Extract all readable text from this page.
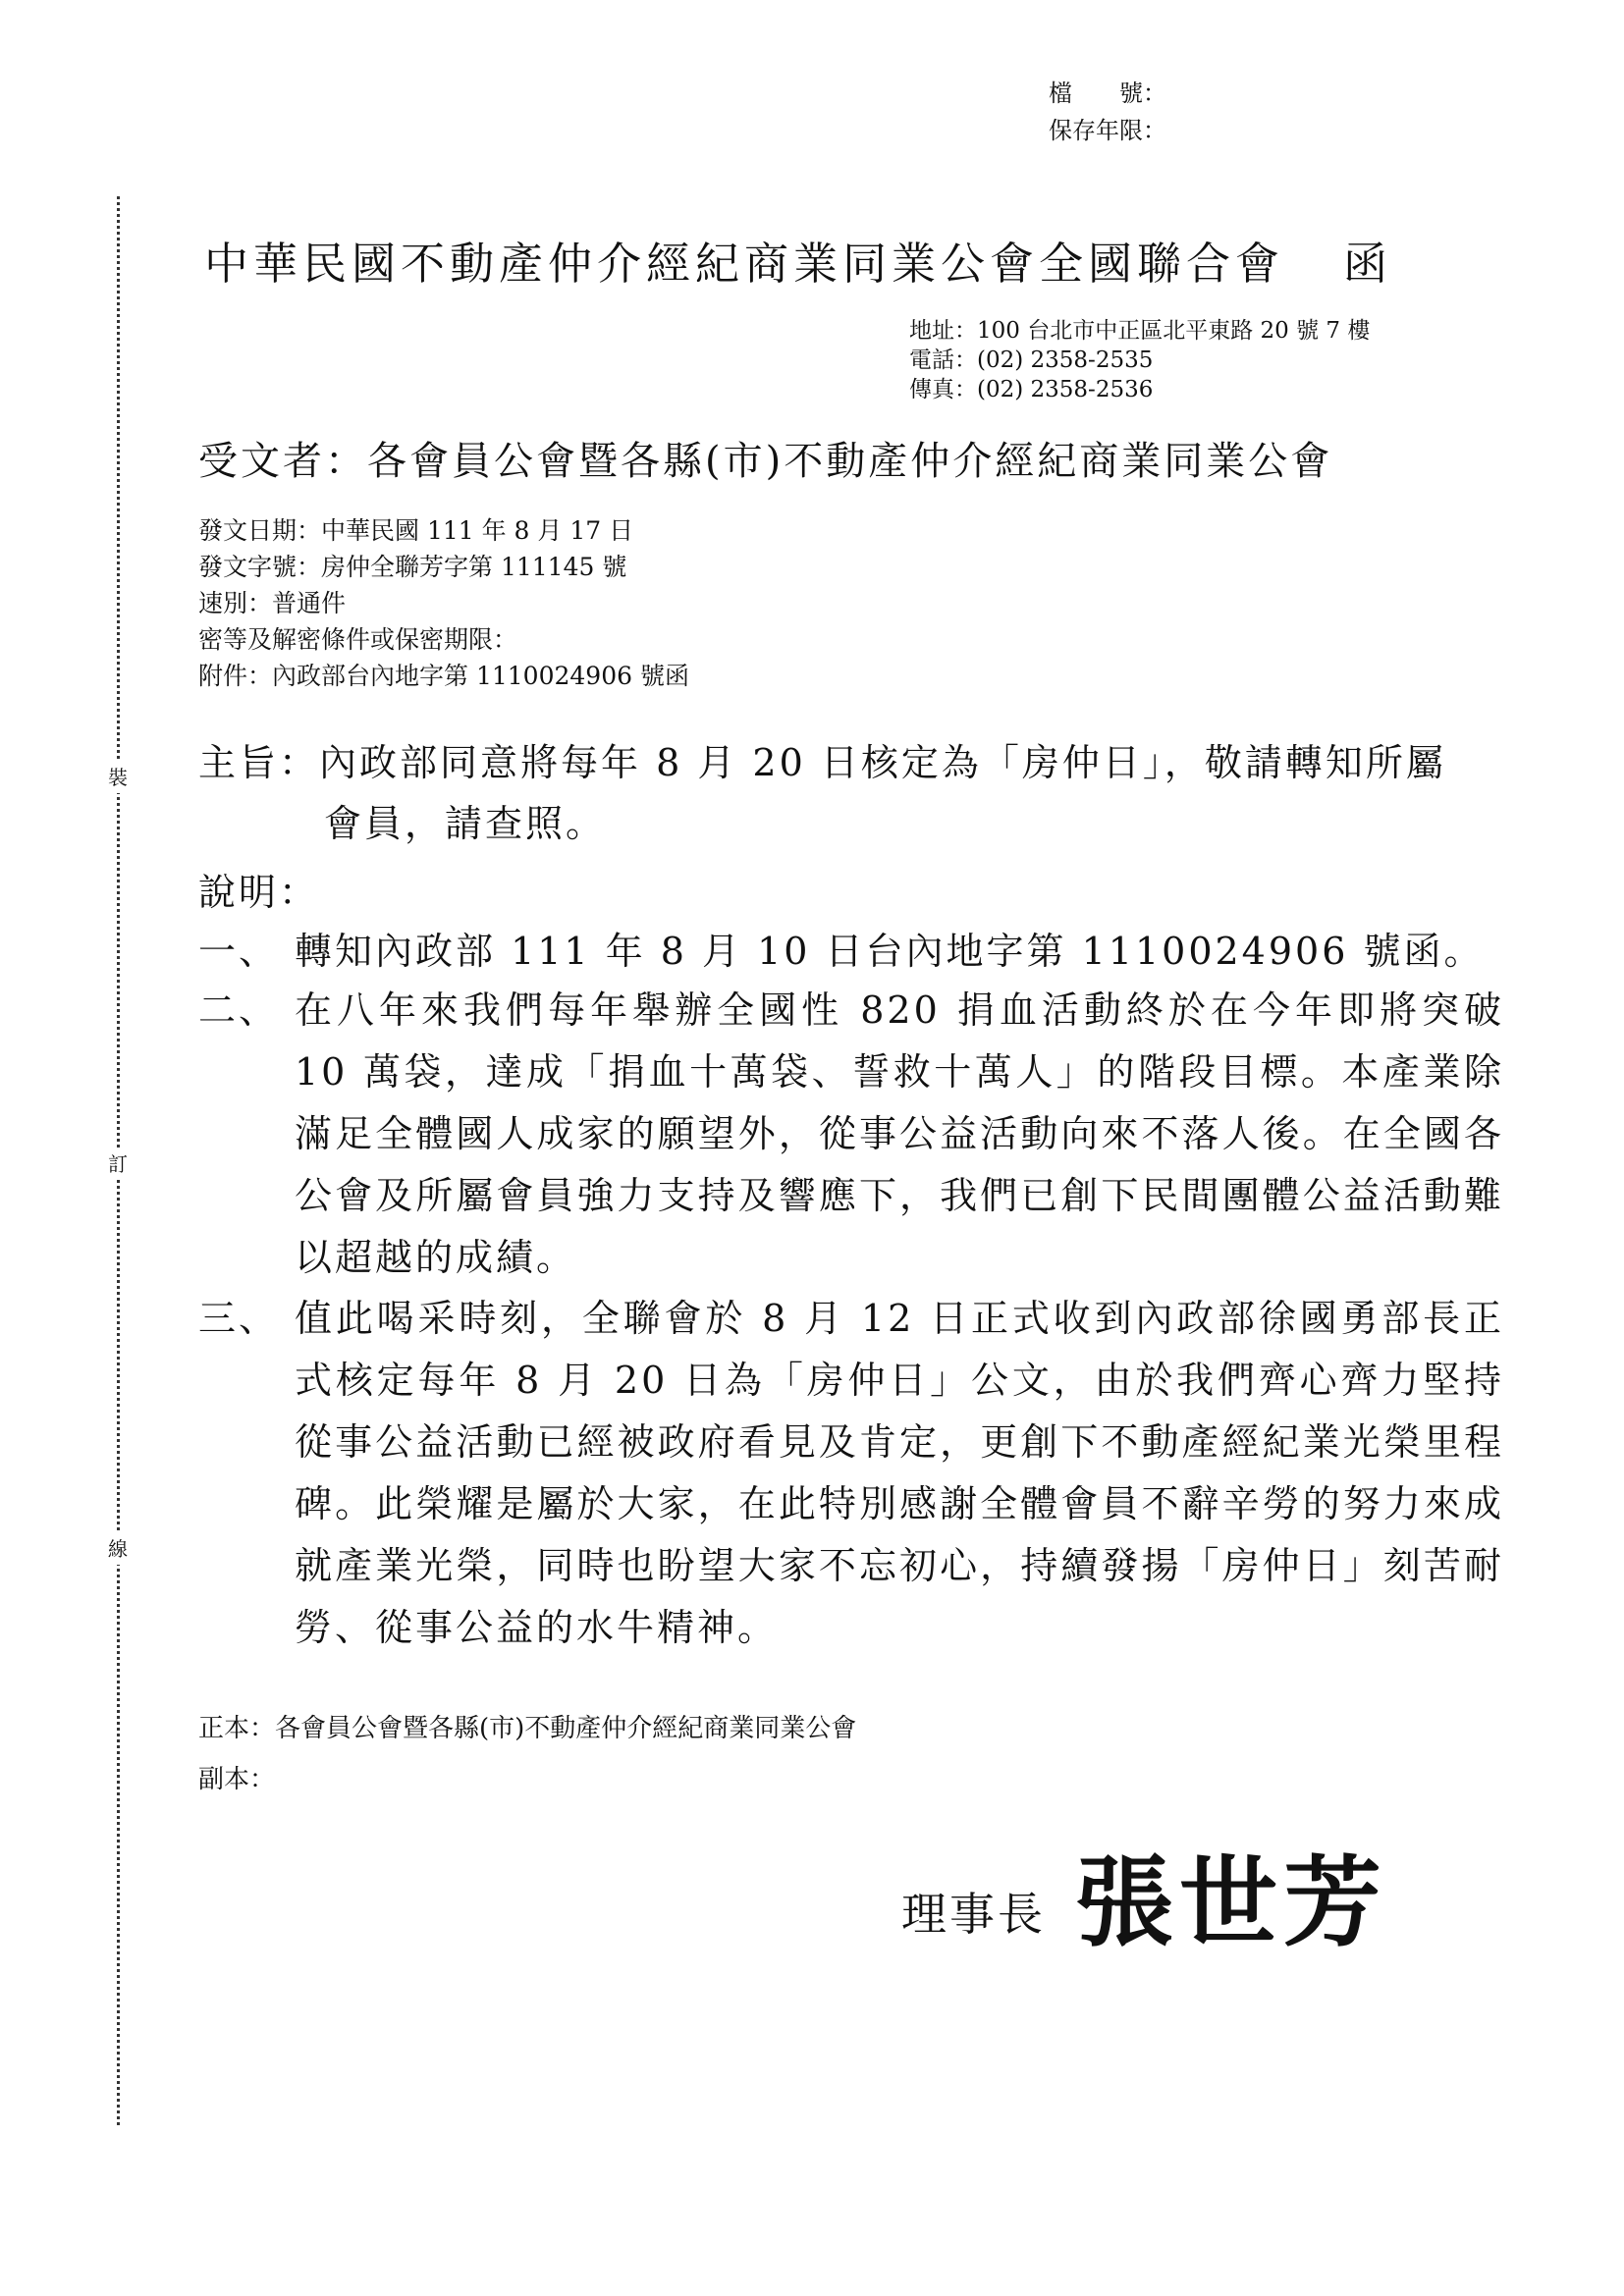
裝
訂
線
檔　　號：
保存年限：
中華民國不動產仲介經紀商業同業公會全國聯合會 函
地址：100 台北市中正區北平東路 20 號 7 樓
電話：(02) 2358-2535
傳真：(02) 2358-2536
受文者：各會員公會暨各縣(市)不動產仲介經紀商業同業公會
發文日期：中華民國 111 年 8 月 17 日
發文字號：房仲全聯芳字第 111145 號
速別：普通件
密等及解密條件或保密期限：
附件：內政部台內地字第 1110024906 號函
主旨：內政部同意將每年 8 月 20 日核定為「房仲日」，敬請轉知所屬
會員，請查照。
說明：
一、 轉知內政部 111 年 8 月 10 日台內地字第 1110024906 號函。
二、 在八年來我們每年舉辦全國性 820 捐血活動終於在今年即將突破 10 萬袋，達成「捐血十萬袋、誓救十萬人」的階段目標。本產業除滿足全體國人成家的願望外，從事公益活動向來不落人後。在全國各公會及所屬會員強力支持及響應下，我們已創下民間團體公益活動難以超越的成績。
三、 值此喝采時刻，全聯會於 8 月 12 日正式收到內政部徐國勇部長正式核定每年 8 月 20 日為「房仲日」公文，由於我們齊心齊力堅持從事公益活動已經被政府看見及肯定，更創下不動產經紀業光榮里程碑。此榮耀是屬於大家，在此特別感謝全體會員不辭辛勞的努力來成就產業光榮，同時也盼望大家不忘初心，持續發揚「房仲日」刻苦耐勞、從事公益的水牛精神。
正本：各會員公會暨各縣(市)不動產仲介經紀商業同業公會
副本：
理事長 張世芳
